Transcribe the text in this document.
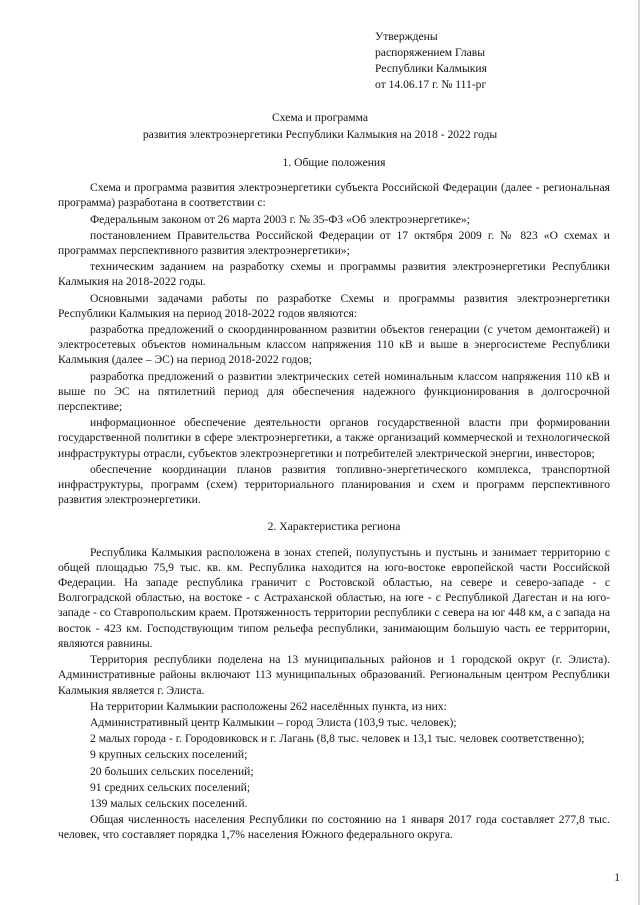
Утверждены
распоряжением Главы
Республики Калмыкия
от 14.06.17 г. № 111-рг
Схема и программа
развития электроэнергетики Республики Калмыкия на 2018 - 2022 годы
1. Общие положения

Схема и программа развития электроэнергетики субъекта Российской Федерации (далее - региональная программа) разработана в соответствии с:

Федеральным законом от 26 марта 2003 г. № 35-ФЗ «Об электроэнергетике»;

постановлением Правительства Российской Федерации от 17 октября 2009 г. № 823 «О схемах и программах перспективного развития электроэнергетики»;

техническим заданием на разработку схемы и программы развития электроэнергетики Республики Калмыкия на 2018-2022 годы.

Основными задачами работы по разработке Схемы и программы развития электроэнергетики Республики Калмыкия на период 2018-2022 годов являются:

разработка предложений о скоординированном развитии объектов генерации (с учетом демонтажей) и электросетевых объектов номинальным классом напряжения 110 кВ и выше в энергосистеме Республики Калмыкия (далее – ЭС) на период 2018-2022 годов;

разработка предложений о развитии электрических сетей номинальным классом напряжения 110 кВ и выше по ЭС на пятилетний период для обеспечения надежного функционирования в долгосрочной перспективе;

информационное обеспечение деятельности органов государственной власти при формировании государственной политики в сфере электроэнергетики, а также организаций коммерческой и технологической инфраструктуры отрасли, субъектов электроэнергетики и потребителей электрической энергии, инвесторов;

обеспечение координации планов развития топливно-энергетического комплекса, транспортной инфраструктуры, программ (схем) территориального планирования и схем и программ перспективного развития электроэнергетики.

2. Характеристика региона

Республика Калмыкия расположена в зонах степей, полупустынь и пустынь и занимает территорию с общей площадью 75,9 тыс. кв. км. Республика находится на юго-востоке европейской части Российской Федерации. На западе республика граничит с Ростовской областью, на севере и северо-западе - с Волгоградской областью, на востоке - с Астраханской областью, на юге - с Республикой Дагестан и на юго-западе - со Ставропольским краем. Протяженность территории республики с севера на юг 448 км, а с запада на восток - 423 км. Господствующим типом рельефа республики, занимающим большую часть ее территории, являются равнины.

Территория республики поделена на 13 муниципальных районов и 1 городской округ (г. Элиста). Административные районы включают 113 муниципальных образований. Региональным центром Республики Калмыкия является г. Элиста.

На территории Калмыкии расположены 262 населённых пункта, из них:

Административный центр Калмыкии – город Элиста (103,9 тыс. человек);

2 малых города - г. Городовиковск и г. Лагань (8,8 тыс. человек и 13,1 тыс. человек соответственно);

9 крупных сельских поселений;

20 больших сельских поселений;

91 средних сельских поселений;

139 малых сельских поселений.

Общая численность населения Республики по состоянию на 1 января 2017 года составляет 277,8 тыс. человек, что составляет порядка 1,7% населения Южного федерального округа.

1
